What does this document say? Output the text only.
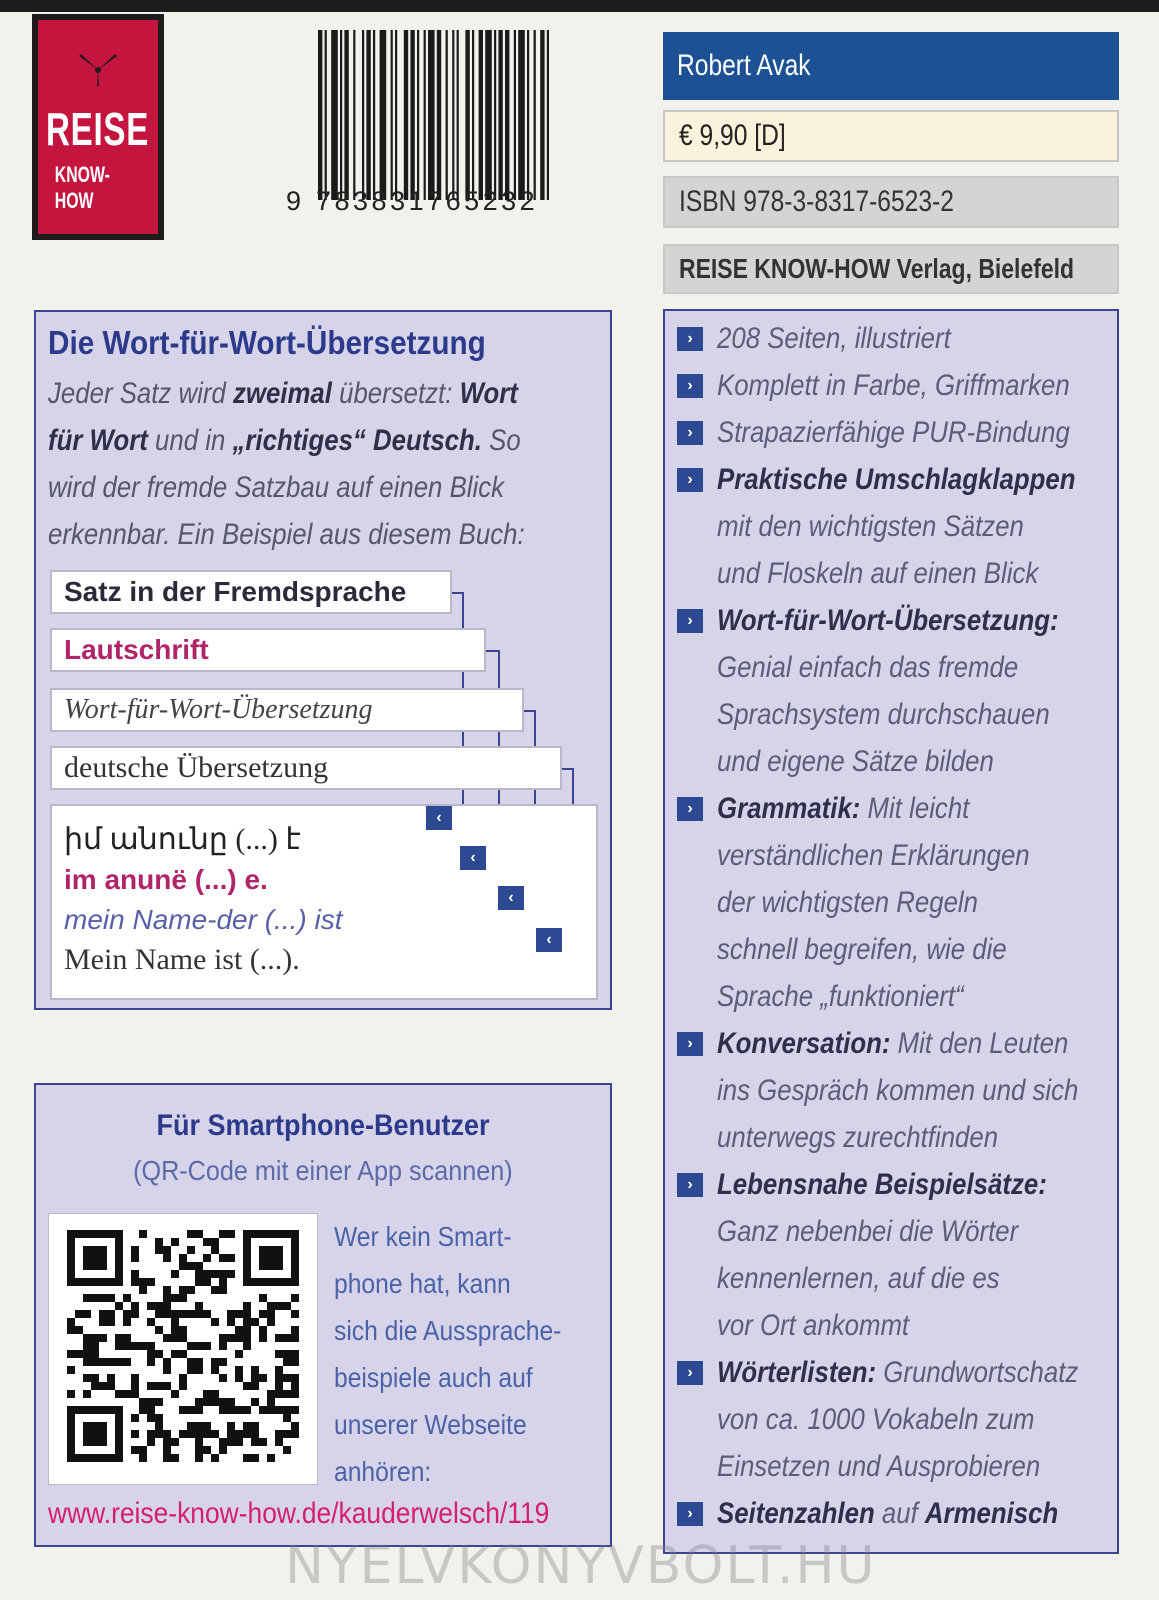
REISE
KNOW-HOW	9 783831765232
Robert Avak
€ 9,90 [D]
ISBN 978-3-8317-6523-2
REISE KNOW-HOW Verlag, Bielefeld
Die Wort-für-Wort-Übersetzung
Jeder Satz wird zweimal übersetzt: Wort
für Wort und in „richtiges“ Deutsch. So
wird der fremde Satzbau auf einen Blick
erkennbar. Ein Beispiel aus diesem Buch:
Satz in der Fremdsprache
Lautschrift
Wort-für-Wort-Übersetzung
deutsche Übersetzung
իմ անունը (...) է
im anunë (...) e.
mein Name-der (...) ist
Mein Name ist (...).
‹
‹
‹
‹
Für Smartphone-Benutzer
(QR-Code mit einer App scannen)
Wer kein Smart-
phone hat, kann
sich die Aussprache-
beispiele auch auf
unserer Webseite
anhören:
www.reise-know-how.de/kauderwelsch/119
› 208 Seiten, illustriert
› Komplett in Farbe, Griffmarken
› Strapazierfähige PUR-Bindung
› Praktische Umschlagklappen
mit den wichtigsten Sätzen
und Floskeln auf einen Blick
› Wort-für-Wort-Übersetzung:
Genial einfach das fremde
Sprachsystem durchschauen
und eigene Sätze bilden
› Grammatik: Mit leicht
verständlichen Erklärungen
der wichtigsten Regeln
schnell begreifen, wie die
Sprache „funktioniert“
› Konversation: Mit den Leuten
ins Gespräch kommen und sich
unterwegs zurechtfinden
› Lebensnahe Beispielsätze:
Ganz nebenbei die Wörter
kennenlernen, auf die es
vor Ort ankommt
› Wörterlisten: Grundwortschatz
von ca. 1000 Vokabeln zum
Einsetzen und Ausprobieren
› Seitenzahlen auf Armenisch
NYELVKONYVBOLT.HU
